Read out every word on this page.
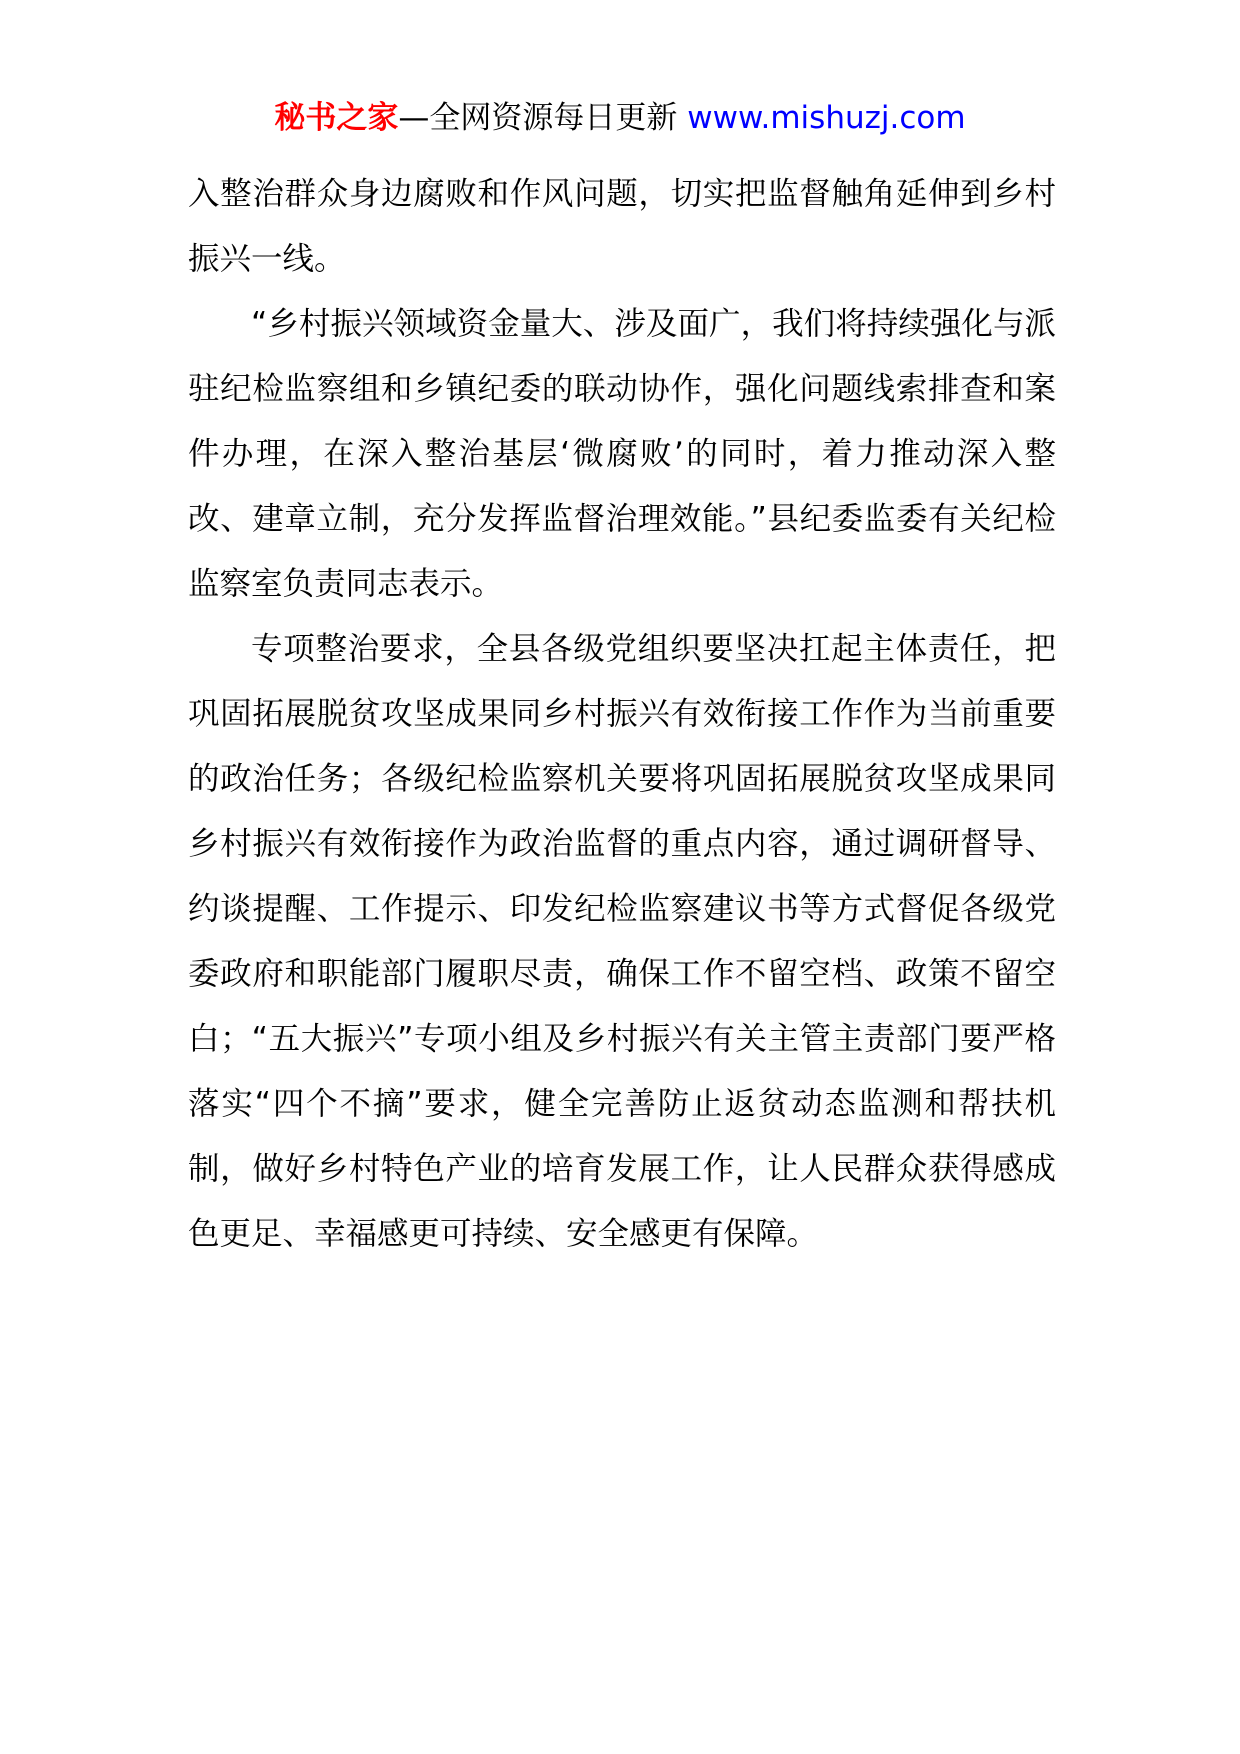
秘书之家—全网资源每日更新 www.mishuzj.com

入整治群众身边腐败和作风问题，切实把监督触角延伸到乡村振兴一线。

“乡村振兴领域资金量大、涉及面广，我们将持续强化与派驻纪检监察组和乡镇纪委的联动协作，强化问题线索排查和案件办理，在深入整治基层‘微腐败’的同时，着力推动深入整改、建章立制，充分发挥监督治理效能。”县纪委监委有关纪检监察室负责同志表示。

专项整治要求，全县各级党组织要坚决扛起主体责任，把巩固拓展脱贫攻坚成果同乡村振兴有效衔接工作作为当前重要的政治任务；各级纪检监察机关要将巩固拓展脱贫攻坚成果同乡村振兴有效衔接作为政治监督的重点内容，通过调研督导、约谈提醒、工作提示、印发纪检监察建议书等方式督促各级党委政府和职能部门履职尽责，确保工作不留空档、政策不留空白；“五大振兴”专项小组及乡村振兴有关主管主责部门要严格落实“四个不摘”要求，健全完善防止返贫动态监测和帮扶机制，做好乡村特色产业的培育发展工作，让人民群众获得感成色更足、幸福感更可持续、安全感更有保障。
